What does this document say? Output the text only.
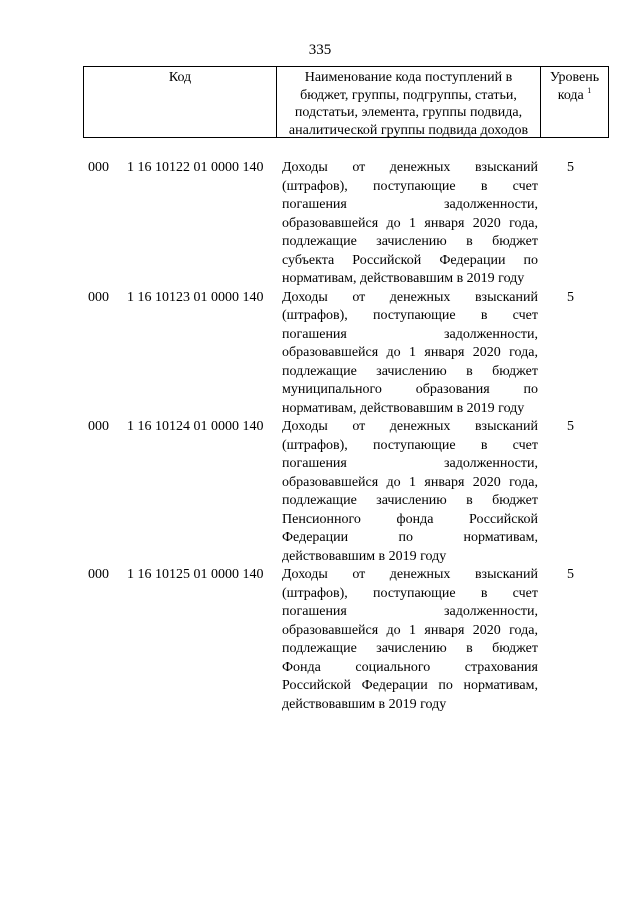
335
Код	Наименование кода поступлений в
бюджет, группы, подгруппы, статьи,
подстатьи, элемента, группы подвида,
аналитической группы подвида доходов
Уровень
кода $^1$
000 1 16 10122 01 0000 140 Доходы от денежных взысканий
(штрафов), поступающие в счет
погашения задолженности,
образовавшейся до 1 января 2020 года,
подлежащие зачислению в бюджет
субъекта Российской Федерации по
нормативам, действовавшим в 2019 году
5
000 1 16 10123 01 0000 140 Доходы от денежных взысканий
(штрафов), поступающие в счет
погашения задолженности,
образовавшейся до 1 января 2020 года,
подлежащие зачислению в бюджет
муниципального образования по
нормативам, действовавшим в 2019 году
5
000 1 16 10124 01 0000 140 Доходы от денежных взысканий
(штрафов), поступающие в счет
погашения задолженности,
образовавшейся до 1 января 2020 года,
подлежащие зачислению в бюджет
Пенсионного фонда Российской
Федерации по нормативам,
действовавшим в 2019 году
5
000 1 16 10125 01 0000 140 Доходы от денежных взысканий
(штрафов), поступающие в счет
погашения задолженности,
образовавшейся до 1 января 2020 года,
подлежащие зачислению в бюджет
Фонда социального страхования
Российской Федерации по нормативам,
действовавшим в 2019 году
5
